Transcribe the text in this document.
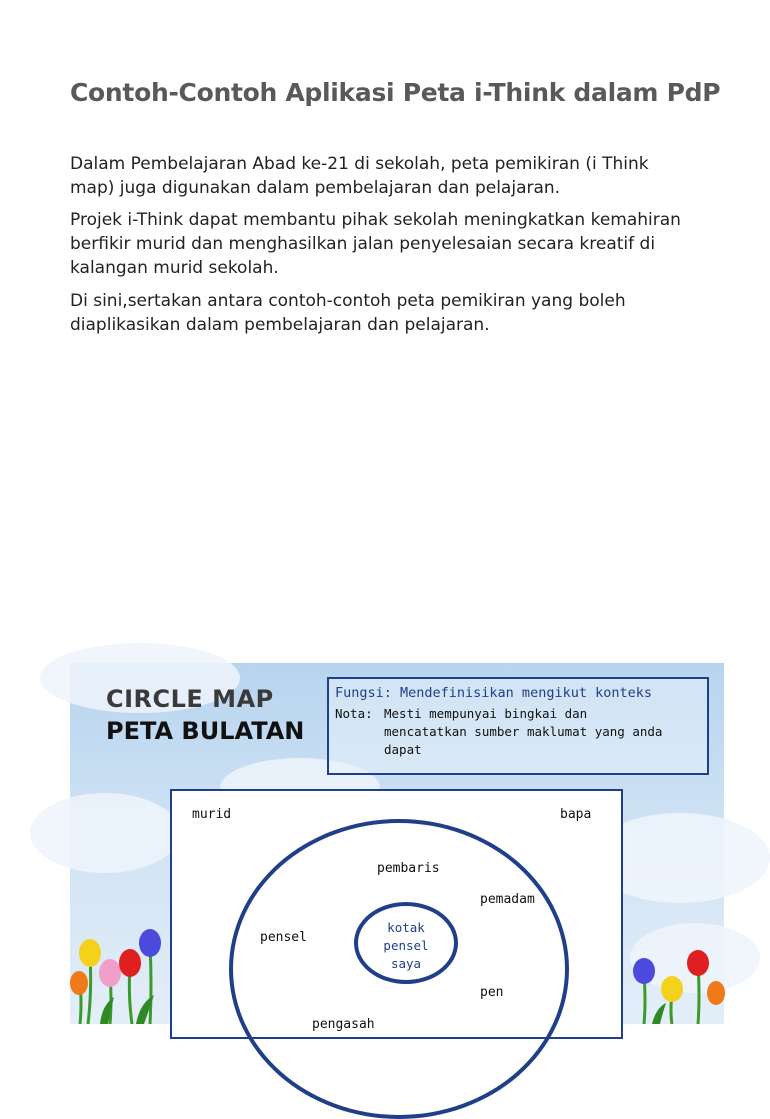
Contoh-Contoh Aplikasi Peta i-Think dalam PdP

Dalam Pembelajaran Abad ke-21 di sekolah, peta pemikiran (i Think
map) juga digunakan dalam pembelajaran dan pelajaran.

Projek i-Think dapat membantu pihak sekolah meningkatkan kemahiran
berfikir murid dan menghasilkan jalan penyelesaian secara kreatif di
kalangan murid sekolah.

Di sini,sertakan antara contoh-contoh peta pemikiran yang boleh
diaplikasikan dalam pembelajaran dan pelajaran.

CIRCLE MAP
PETA BULATAN
Fungsi: Mendefinisikan mengikut konteks
Nota: Mesti mempunyai bingkai dan
mencatatkan sumber maklumat yang anda
dapat
murid	bapa
pembaris
pemadam
pensel
pen
pengasah
kotak
pensel
saya
